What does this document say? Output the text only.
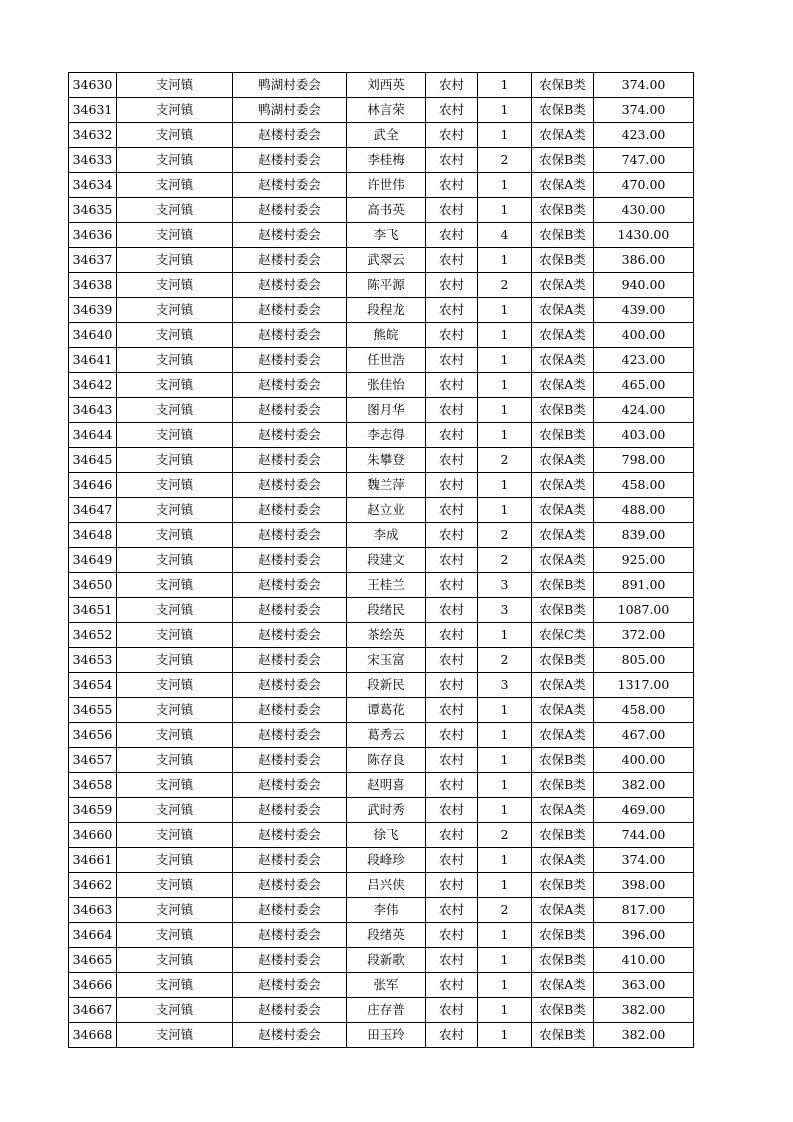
34630	支河镇	鸭湖村委会	刘西英	农村	1	农保B类	374.00
34631	支河镇	鸭湖村委会	林言荣	农村	1	农保B类	374.00
34632	支河镇	赵楼村委会	武全	农村	1	农保A类	423.00
34633	支河镇	赵楼村委会	李桂梅	农村	2	农保B类	747.00
34634	支河镇	赵楼村委会	许世伟	农村	1	农保A类	470.00
34635	支河镇	赵楼村委会	高书英	农村	1	农保B类	430.00
34636	支河镇	赵楼村委会	李飞	农村	4	农保B类	1430.00
34637	支河镇	赵楼村委会	武翠云	农村	1	农保B类	386.00
34638	支河镇	赵楼村委会	陈平源	农村	2	农保A类	940.00
34639	支河镇	赵楼村委会	段程龙	农村	1	农保A类	439.00
34640	支河镇	赵楼村委会	熊皖	农村	1	农保A类	400.00
34641	支河镇	赵楼村委会	任世浩	农村	1	农保A类	423.00
34642	支河镇	赵楼村委会	张佳怡	农村	1	农保A类	465.00
34643	支河镇	赵楼村委会	图月华	农村	1	农保B类	424.00
34644	支河镇	赵楼村委会	李志得	农村	1	农保B类	403.00
34645	支河镇	赵楼村委会	朱攀登	农村	2	农保A类	798.00
34646	支河镇	赵楼村委会	魏兰萍	农村	1	农保A类	458.00
34647	支河镇	赵楼村委会	赵立业	农村	1	农保A类	488.00
34648	支河镇	赵楼村委会	李成	农村	2	农保A类	839.00
34649	支河镇	赵楼村委会	段建文	农村	2	农保A类	925.00
34650	支河镇	赵楼村委会	王桂兰	农村	3	农保B类	891.00
34651	支河镇	赵楼村委会	段绪民	农村	3	农保B类	1087.00
34652	支河镇	赵楼村委会	茶绘英	农村	1	农保C类	372.00
34653	支河镇	赵楼村委会	宋玉富	农村	2	农保B类	805.00
34654	支河镇	赵楼村委会	段新民	农村	3	农保A类	1317.00
34655	支河镇	赵楼村委会	谭葛花	农村	1	农保A类	458.00
34656	支河镇	赵楼村委会	葛秀云	农村	1	农保A类	467.00
34657	支河镇	赵楼村委会	陈存良	农村	1	农保B类	400.00
34658	支河镇	赵楼村委会	赵明喜	农村	1	农保B类	382.00
34659	支河镇	赵楼村委会	武时秀	农村	1	农保A类	469.00
34660	支河镇	赵楼村委会	徐飞	农村	2	农保B类	744.00
34661	支河镇	赵楼村委会	段峰珍	农村	1	农保A类	374.00
34662	支河镇	赵楼村委会	吕兴侠	农村	1	农保B类	398.00
34663	支河镇	赵楼村委会	李伟	农村	2	农保A类	817.00
34664	支河镇	赵楼村委会	段绪英	农村	1	农保B类	396.00
34665	支河镇	赵楼村委会	段新歌	农村	1	农保B类	410.00
34666	支河镇	赵楼村委会	张军	农村	1	农保A类	363.00
34667	支河镇	赵楼村委会	庄存普	农村	1	农保B类	382.00
34668	支河镇	赵楼村委会	田玉玲	农村	1	农保B类	382.00
